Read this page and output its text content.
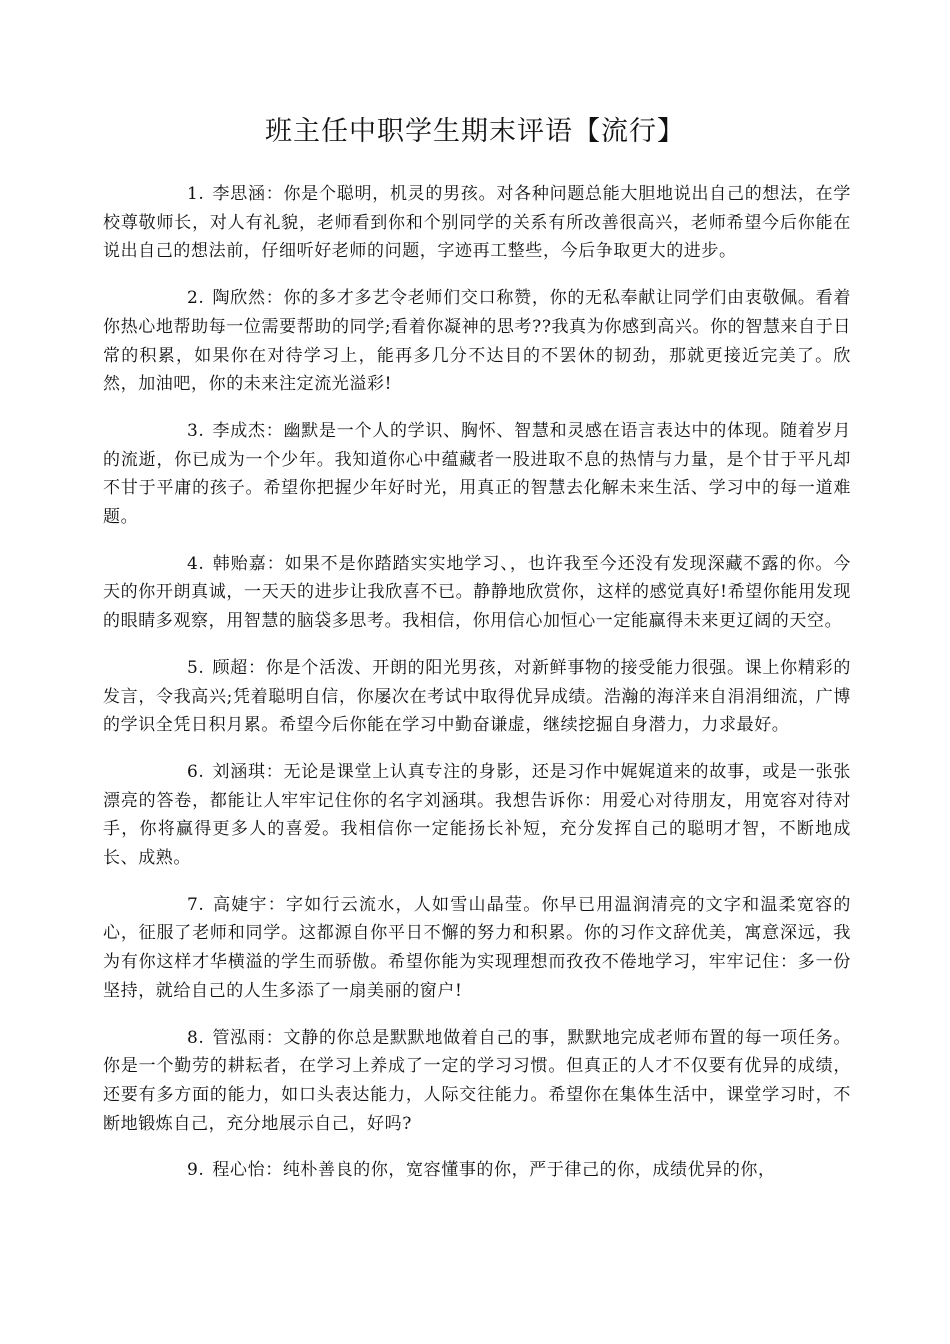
班主任中职学生期末评语【流行】

1. 李思涵：你是个聪明，机灵的男孩。对各种问题总能大胆地说出自己的想法，在学校尊敬师长，对人有礼貌，老师看到你和个别同学的关系有所改善很高兴，老师希望今后你能在说出自己的想法前，仔细听好老师的问题，字迹再工整些，今后争取更大的进步。

2. 陶欣然：你的多才多艺令老师们交口称赞，你的无私奉献让同学们由衷敬佩。看着你热心地帮助每一位需要帮助的同学;看着你凝神的思考??我真为你感到高兴。你的智慧来自于日常的积累，如果你在对待学习上，能再多几分不达目的不罢休的韧劲，那就更接近完美了。欣然，加油吧，你的未来注定流光溢彩!

3. 李成杰：幽默是一个人的学识、胸怀、智慧和灵感在语言表达中的体现。随着岁月的流逝，你已成为一个少年。我知道你心中蕴藏者一股进取不息的热情与力量，是个甘于平凡却不甘于平庸的孩子。希望你把握少年好时光，用真正的智慧去化解未来生活、学习中的每一道难题。

4. 韩贻嘉：如果不是你踏踏实实地学习、，也许我至今还没有发现深藏不露的你。今天的你开朗真诚，一天天的进步让我欣喜不已。静静地欣赏你，这样的感觉真好!希望你能用发现的眼睛多观察，用智慧的脑袋多思考。我相信，你用信心加恒心一定能赢得未来更辽阔的天空。

5. 顾超：你是个活泼、开朗的阳光男孩，对新鲜事物的接受能力很强。课上你精彩的发言，令我高兴;凭着聪明自信，你屡次在考试中取得优异成绩。浩瀚的海洋来自涓涓细流，广博的学识全凭日积月累。希望今后你能在学习中勤奋谦虚，继续挖掘自身潜力，力求最好。

6. 刘涵琪：无论是课堂上认真专注的身影，还是习作中娓娓道来的故事，或是一张张漂亮的答卷，都能让人牢牢记住你的名字刘涵琪。我想告诉你：用爱心对待朋友，用宽容对待对手，你将赢得更多人的喜爱。我相信你一定能扬长补短，充分发挥自己的聪明才智，不断地成长、成熟。

7. 高婕宇：字如行云流水，人如雪山晶莹。你早已用温润清亮的文字和温柔宽容的心，征服了老师和同学。这都源自你平日不懈的努力和积累。你的习作文辞优美，寓意深远，我为有你这样才华横溢的学生而骄傲。希望你能为实现理想而孜孜不倦地学习，牢牢记住：多一份坚持，就给自己的人生多添了一扇美丽的窗户!

8. 管泓雨：文静的你总是默默地做着自己的事，默默地完成老师布置的每一项任务。你是一个勤劳的耕耘者，在学习上养成了一定的学习习惯。但真正的人才不仅要有优异的成绩，还要有多方面的能力，如口头表达能力，人际交往能力。希望你在集体生活中，课堂学习时，不断地锻炼自己，充分地展示自己，好吗?

9. 程心怡：纯朴善良的你，宽容懂事的你，严于律己的你，成绩优异的你，
